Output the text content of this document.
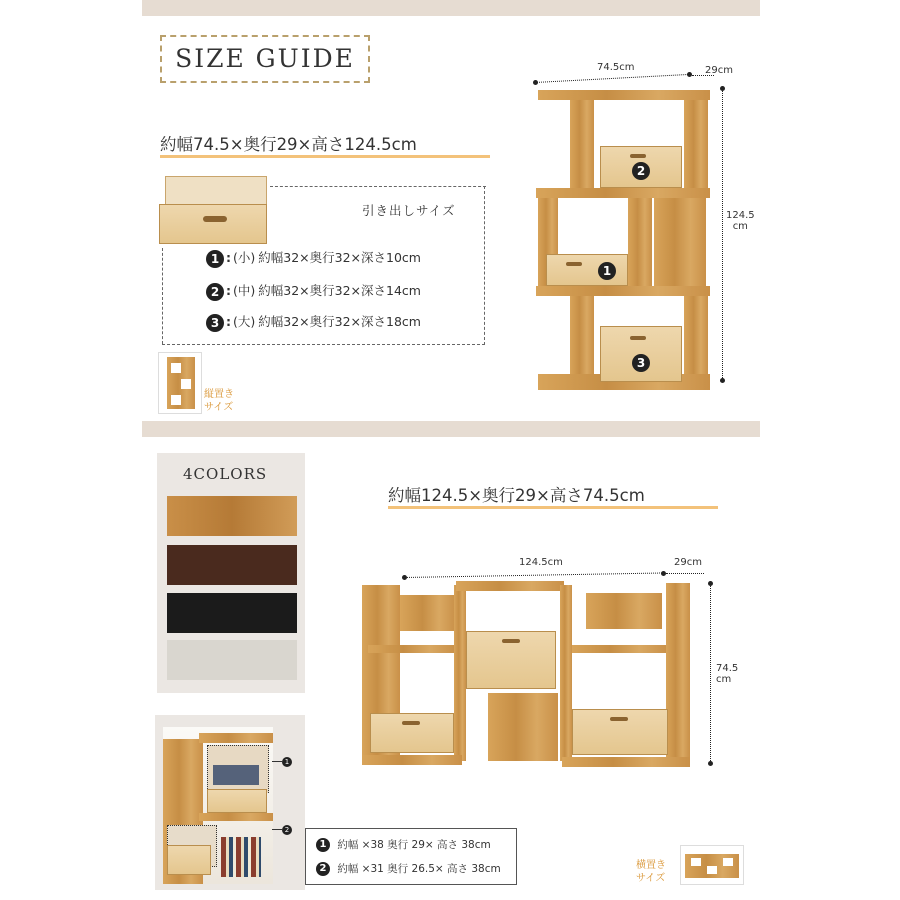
SIZE GUIDE
約幅74.5×奥行29×高さ124.5cm
引き出しサイズ
1 : (小) 約幅32×奥行32×深さ10cm
2 : (中) 約幅32×奥行32×深さ14cm
3 : (大) 約幅32×奥行32×深さ18cm
縦置き
サイズ
74.5cm	29cm
124.5
cm
2
1
3
4COLORS
約幅124.5×奥行29×高さ74.5cm
124.5cm	29cm
74.5
cm
1
2
1 約幅 ×38 奥行 29× 高さ 38cm
2 約幅 ×31 奥行 26.5× 高さ 38cm	横置き
サイズ
